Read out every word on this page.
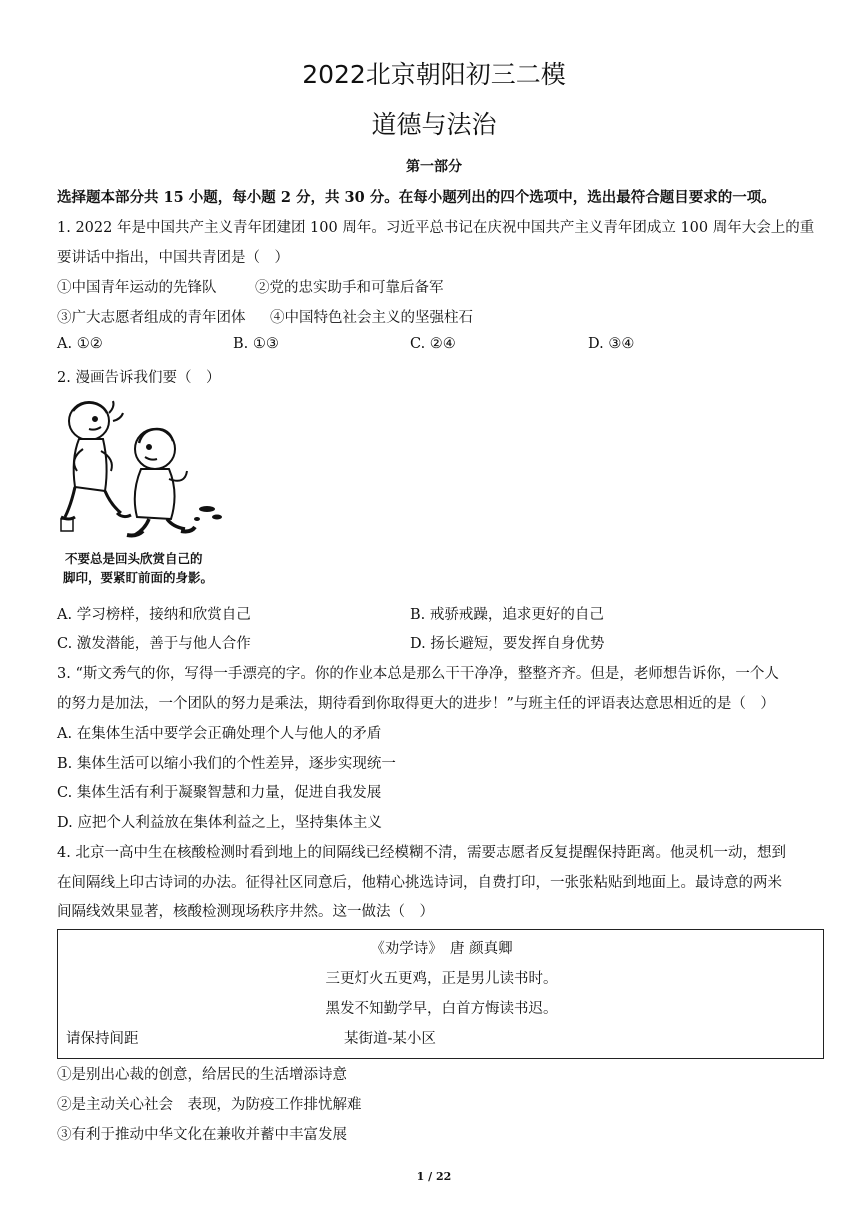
2022北京朝阳初三二模
道德与法治
第一部分
选择题本部分共 15 小题，每小题 2 分，共 30 分。在每小题列出的四个选项中，选出最符合题目要求的一项。
1. 2022 年是中国共产主义青年团建团 100 周年。习近平总书记在庆祝中国共产主义青年团成立 100 周年大会上的重
要讲话中指出，中国共青团是（　）
①中国青年运动的先锋队	②党的忠实助手和可靠后备军
③广大志愿者组成的青年团体 ④中国特色社会主义的坚强柱石
A. ①②	B. ①③	C. ②④	D. ③④
2. 漫画告诉我们要（　）
不要总是回头欣赏自己的
脚印，要紧盯前面的身影。
A. 学习榜样，接纳和欣赏自己	B. 戒骄戒躁，追求更好的自己
C. 激发潜能，善于与他人合作	D. 扬长避短，要发挥自身优势
3. “斯文秀气的你，写得一手漂亮的字。你的作业本总是那么干干净净，整整齐齐。但是，老师想告诉你，一个人
的努力是加法，一个团队的努力是乘法，期待看到你取得更大的进步！”与班主任的评语表达意思相近的是（　）
A. 在集体生活中要学会正确处理个人与他人的矛盾
B. 集体生活可以缩小我们的个性差异，逐步实现统一
C. 集体生活有利于凝聚智慧和力量，促进自我发展
D. 应把个人利益放在集体利益之上，坚持集体主义
4. 北京一高中生在核酸检测时看到地上的间隔线已经模糊不清，需要志愿者反复提醒保持距离。他灵机一动，想到
在间隔线上印古诗词的办法。征得社区同意后，他精心挑选诗词，自费打印，一张张粘贴到地面上。最诗意的两米
间隔线效果显著，核酸检测现场秩序井然。这一做法（　）
《劝学诗》　唐 颜真卿
三更灯火五更鸡，正是男儿读书时。
黑发不知勤学早，白首方悔读书迟。
请保持间距	某街道-某小区
①是别出心裁的创意，给居民的生活增添诗意
②是主动关心社会　表现，为防疫工作排忧解难
③有利于推动中华文化在兼收并蓄中丰富发展
1 / 22
